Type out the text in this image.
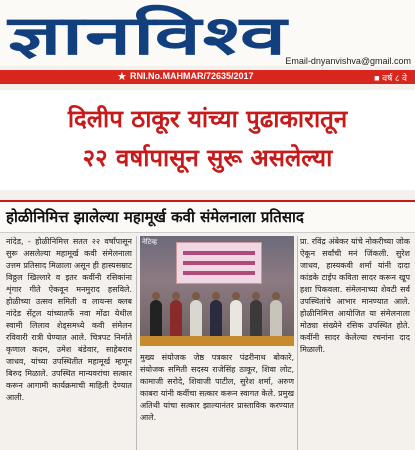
ज्ञानविश्व
Email-dnyanvishva@gmail.com
★ RNI.No.MAHMAR/72635/2017	■ वर्ष ८ वे
दिलीप ठाकूर यांच्या पुढाकारातून
२२ वर्षापासून सुरू असलेल्या
होळीनिमित्त झालेल्या महामूर्ख कवी संमेलनाला प्रतिसाद
नांदेड, - होळीनिमित्त सतत २२ वर्षांपासून सुरू असलेल्या महामूर्ख कवी संमेलनाला उत्तम प्रतिसाद मिळाला असून ही हास्यसम्राट विठ्ठल खिल्लारे व इतर कवींनी रसिकांना शृंगार गीते ऐकवून मनमुराद हसविले. होळीच्या उत्सव समिती व लायन्स क्लब नांदेड सेंट्रल यांच्यातर्फे नवा मोंढा येथील स्वामी लिलाव शेड्समध्ये कवी संमेलन रविवारी रात्री घेण्यात आले. चित्रपट निर्माते कृणाल कदम, उमेश बंडेवार, साहेबराव जाधव, यांच्या उपस्थितीत महामूर्ख म्हणून बिरुद मिळाले. उपस्थित मान्यवरांचा सत्कार करून आगामी कार्यक्रमाची माहिती देण्यात आली.
नेटिव्ह
मुख्य संयोजक जेष्ठ पत्रकार पंढरीनाथ बोकारे, संयोजक समिती सदस्य राजेसिंह ठाकूर, शिवा लोट, कामाजी सरोदे, शिवाजी पाटील, सुरेश शर्मा, अरुण काबरा यांनी कवींचा सत्कार करून स्वागत केले. प्रमुख अतिथी यांचा सत्कार झाल्यानंतर प्रास्ताविक करण्यात आले.
प्रा. रविंद्र अंबेकर यांचे नोकरीच्या जोक ऐकून सर्वांची मनं जिंकली. सुरेश जाधव, हास्यकवी शर्मा यांनी दादा कांडके टाईप कविता सादर करून खूप हशा पिकवला. संमेलनाच्या शेवटी सर्व उपस्थितांचे आभार मानण्यात आले. होळीनिमित्त आयोजित या संमेलनाला मोठ्या संख्येने रसिक उपस्थित होते. कवींनी सादर केलेल्या रचनांना दाद मिळाली.
